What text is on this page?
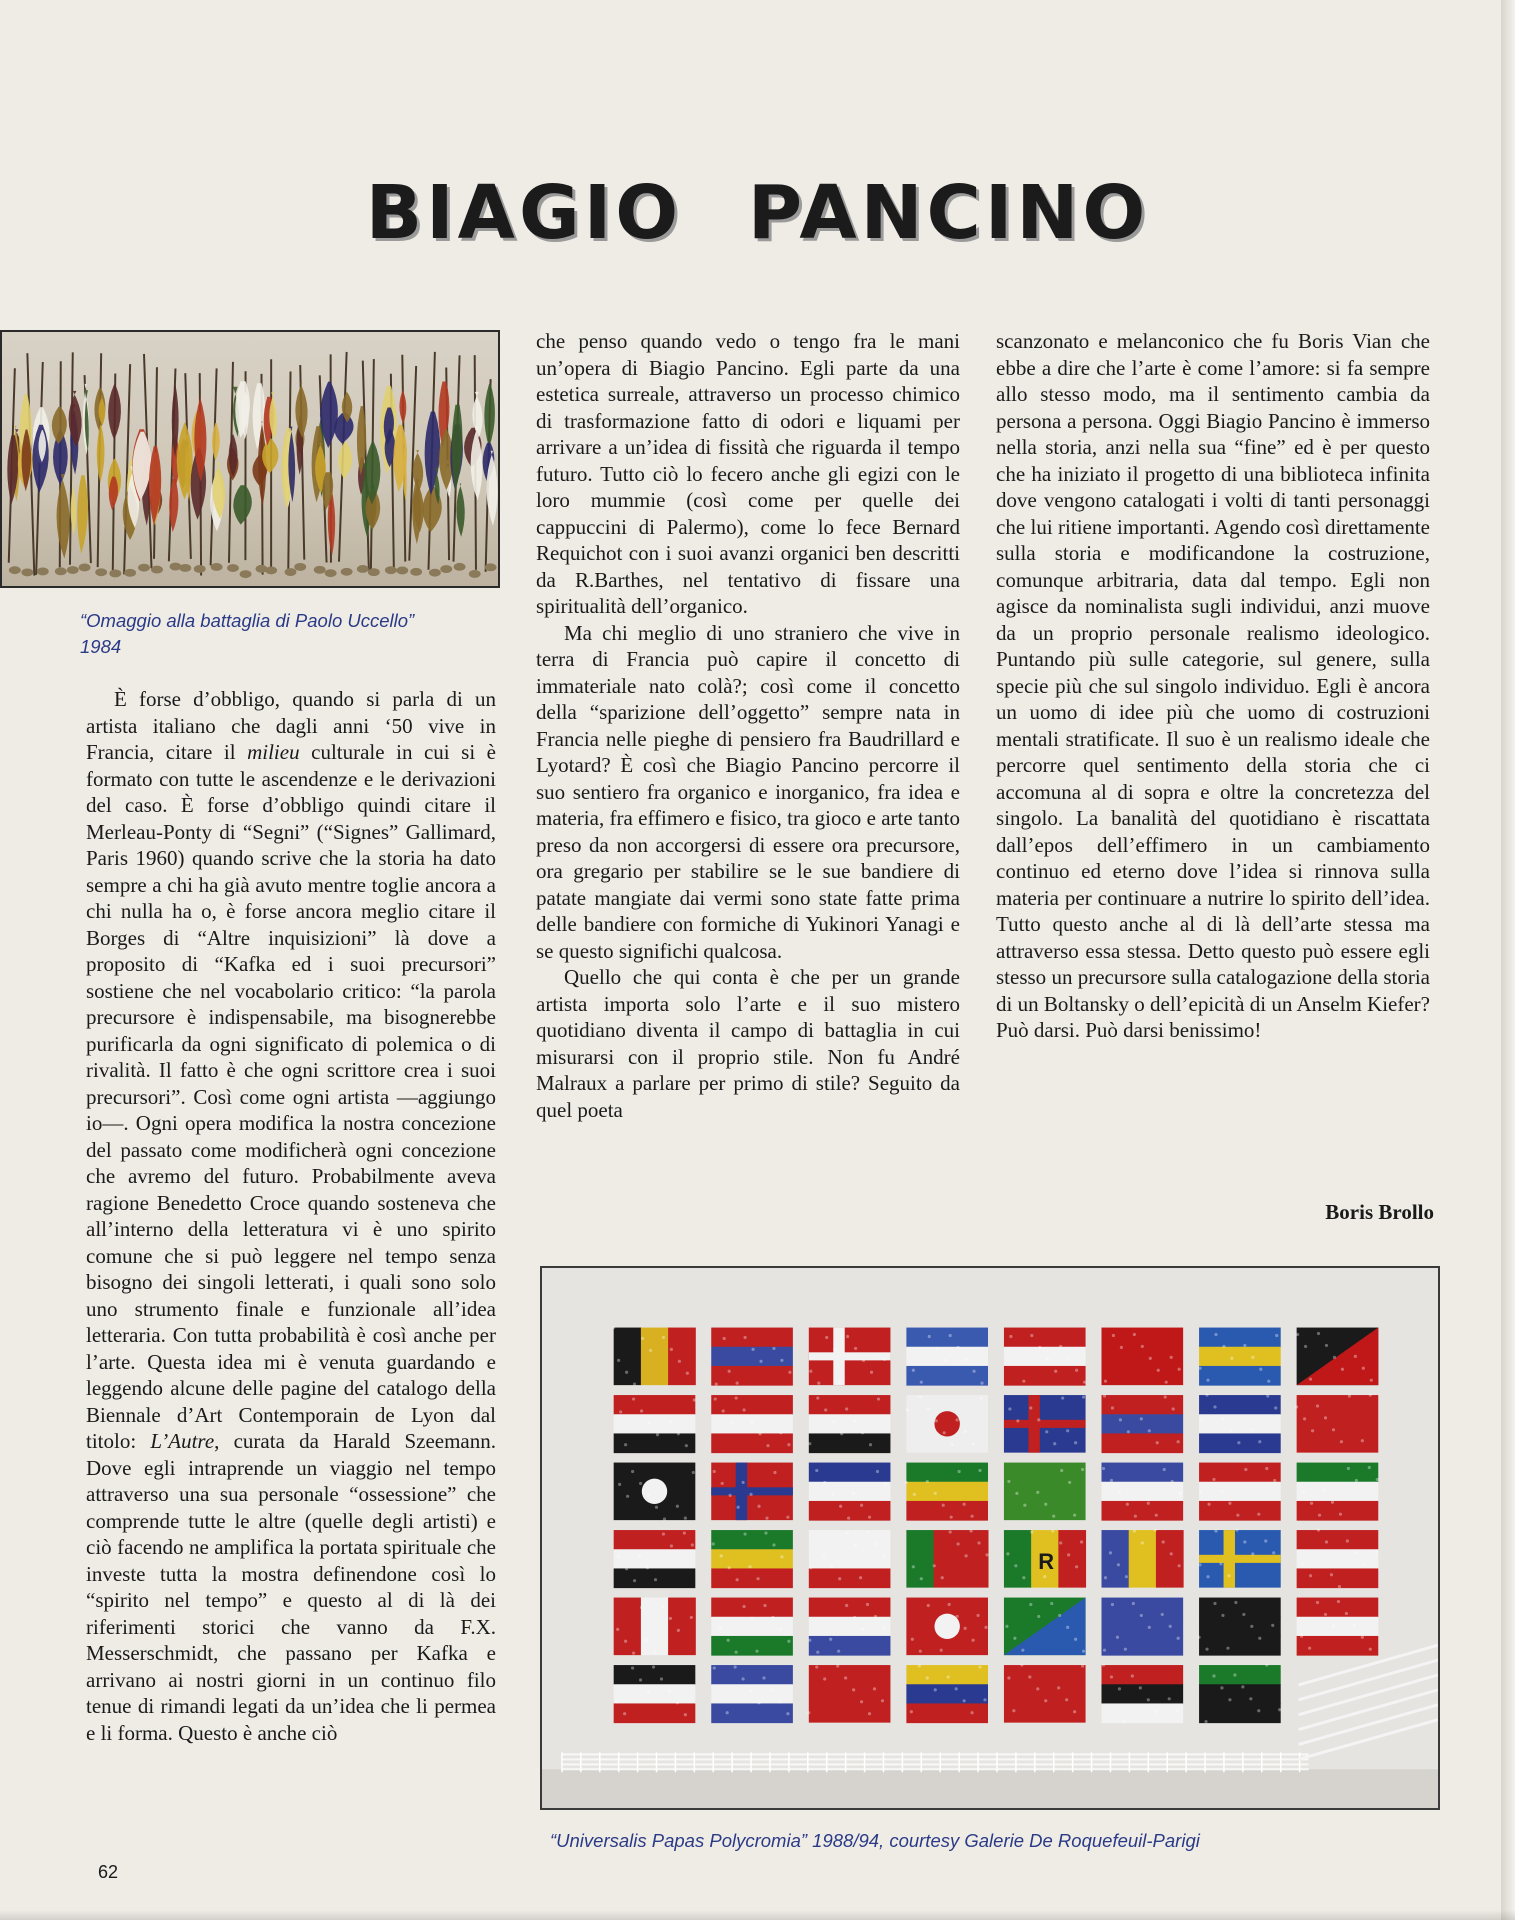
BIAGIO PANCINO
“Omaggio alla battaglia di Paolo Uccello”
1984

È forse d’obbligo, quando si parla di un artista italiano che dagli anni ‘50 vive in Francia, citare il milieu culturale in cui si è formato con tutte le ascendenze e le derivazioni del caso. È forse d’obbligo quindi citare il Merleau-Ponty di “Segni” (“Signes” Gallimard, Paris 1960) quando scrive che la storia ha dato sempre a chi ha già avuto mentre toglie ancora a chi nulla ha o, è forse ancora meglio citare il Borges di “Altre inquisizioni” là dove a proposito di “Kafka ed i suoi precursori” sostiene che nel vocabolario critico: “la parola precursore è indispensabile, ma bisognerebbe purificarla da ogni significato di polemica o di rivalità. Il fatto è che ogni scrittore crea i suoi precursori”. Così come ogni artista —aggiungo io—. Ogni opera modifica la nostra concezione del passato come modificherà ogni concezione che avremo del futuro. Probabilmente aveva ragione Benedetto Croce quando sosteneva che all’interno della letteratura vi è uno spirito comune che si può leggere nel tempo senza bisogno dei singoli letterati, i quali sono solo uno strumento finale e funzionale all’idea letteraria. Con tutta probabilità è così anche per l’arte. Questa idea mi è venuta guardando e leggendo alcune delle pagine del catalogo della Biennale d’Art Contemporain de Lyon dal titolo: L’Autre, curata da Harald Szeemann. Dove egli intraprende un viaggio nel tempo attraverso una sua personale “ossessione” che comprende tutte le altre (quelle degli artisti) e ciò facendo ne amplifica la portata spirituale che investe tutta la mostra definendone così lo “spirito nel tempo” e questo al di là dei riferimenti storici che vanno da F.X. Messerschmidt, che passano per Kafka e arrivano ai nostri giorni in un continuo filo tenue di rimandi legati da un’idea che li permea e li forma. Questo è anche ciò

che penso quando vedo o tengo fra le mani un’opera di Biagio Pancino. Egli parte da una estetica surreale, attraverso un processo chimico di trasformazione fatto di odori e liquami per arrivare a un’idea di fissità che riguarda il tempo futuro. Tutto ciò lo fecero anche gli egizi con le loro mummie (così come per quelle dei cappuccini di Palermo), come lo fece Bernard Requichot con i suoi avanzi organici ben descritti da R.Barthes, nel tentativo di fissare una spiritualità dell’organico.

Ma chi meglio di uno straniero che vive in terra di Francia può capire il concetto di immateriale nato colà?; così come il concetto della “sparizione dell’oggetto” sempre nata in Francia nelle pieghe di pensiero fra Baudrillard e Lyotard? È così che Biagio Pancino percorre il suo sentiero fra organico e inorganico, fra idea e materia, fra effimero e fisico, tra gioco e arte tanto preso da non accorgersi di essere ora precursore, ora gregario per stabilire se le sue bandiere di patate mangiate dai vermi sono state fatte prima delle bandiere con formiche di Yukinori Yanagi e se questo significhi qualcosa.

Quello che qui conta è che per un grande artista importa solo l’arte e il suo mistero quotidiano diventa il campo di battaglia in cui misurarsi con il proprio stile. Non fu André Malraux a parlare per primo di stile? Seguito da quel poeta

scanzonato e melanconico che fu Boris Vian che ebbe a dire che l’arte è come l’amore: si fa sempre allo stesso modo, ma il sentimento cambia da persona a persona. Oggi Biagio Pancino è immerso nella storia, anzi nella sua “fine” ed è per questo che ha iniziato il progetto di una biblioteca infinita dove vengono catalogati i volti di tanti personaggi che lui ritiene importanti. Agendo così direttamente sulla storia e modificandone la costruzione, comunque arbitraria, data dal tempo. Egli non agisce da nominalista sugli individui, anzi muove da un proprio personale realismo ideologico. Puntando più sulle categorie, sul genere, sulla specie più che sul singolo individuo. Egli è ancora un uomo di idee più che uomo di costruzioni mentali stratificate. Il suo è un realismo ideale che percorre quel sentimento della storia che ci accomuna al di sopra e oltre la concretezza del singolo. La banalità del quotidiano è riscattata dall’epos dell’effimero in un cambiamento continuo ed eterno dove l’idea si rinnova sulla materia per continuare a nutrire lo spirito dell’idea. Tutto questo anche al di là dell’arte stessa ma attraverso essa stessa. Detto questo può essere egli stesso un precursore sulla catalogazione della storia di un Boltansky o dell’epicità di un Anselm Kiefer? Può darsi. Può darsi benissimo!

Boris Brollo
R
“Universalis Papas Polycromia” 1988/94, courtesy Galerie De Roquefeuil-Parigi
62
